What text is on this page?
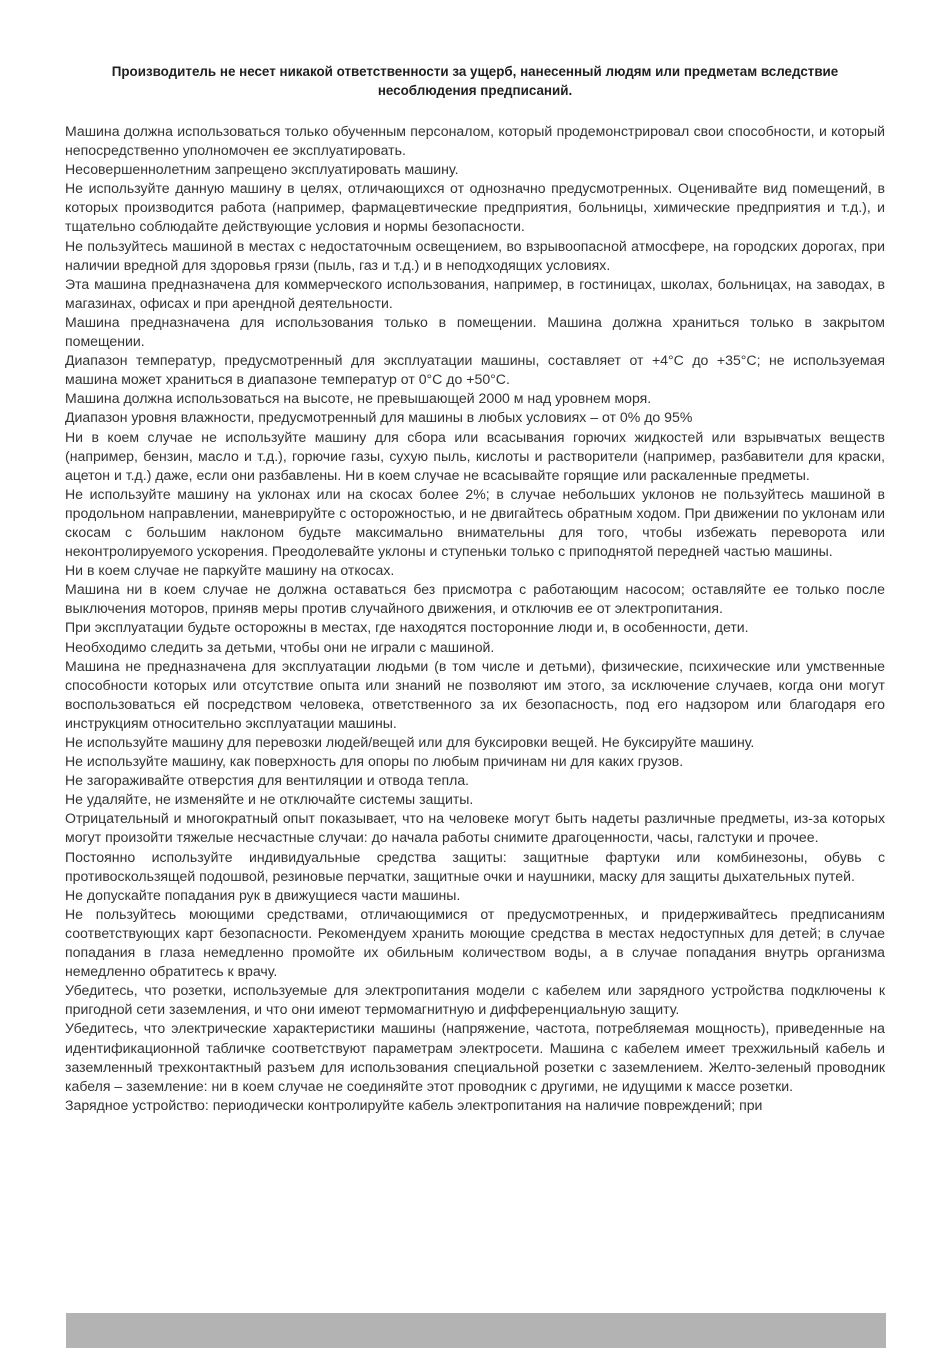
Производитель не несет никакой ответственности за ущерб, нанесенный людям или предметам вследствие несоблюдения предписаний.

Машина должна использоваться только обученным персоналом, который продемонстрировал свои способности, и который непосредственно уполномочен ее эксплуатировать.

Несовершеннолетним запрещено эксплуатировать машину.

Не используйте данную машину в целях, отличающихся от однозначно предусмотренных. Оценивайте вид помещений, в которых производится работа (например, фармацевтические предприятия, больницы, химические предприятия и т.д.), и тщательно соблюдайте действующие условия и нормы безопасности.

Не пользуйтесь машиной в местах с недостаточным освещением, во взрывоопасной атмосфере, на городских дорогах, при наличии вредной для здоровья грязи (пыль, газ и т.д.) и в неподходящих условиях.

Эта машина предназначена для коммерческого использования, например, в гостиницах, школах, больницах, на заводах, в магазинах, офисах и при арендной деятельности.

Машина предназначена для использования только в помещении. Машина должна храниться только в закрытом помещении.

Диапазон температур, предусмотренный для эксплуатации машины, составляет от +4°C до +35°C; не используемая машина может храниться в диапазоне температур от 0°C до +50°C.

Машина должна использоваться на высоте, не превышающей 2000 м над уровнем моря.

Диапазон уровня влажности, предусмотренный для машины в любых условиях – от 0% до 95%

Ни в коем случае не используйте машину для сбора или всасывания горючих жидкостей или взрывчатых веществ (например, бензин, масло и т.д.), горючие газы, сухую пыль, кислоты и растворители (например, разбавители для краски, ацетон и т.д.) даже, если они разбавлены. Ни в коем случае не всасывайте горящие или раскаленные предметы.

Не используйте машину на уклонах или на скосах более 2%; в случае небольших уклонов не пользуйтесь машиной в продольном направлении, маневрируйте с осторожностью, и не двигайтесь обратным ходом. При движении по уклонам или скосам с большим наклоном будьте максимально внимательны для того, чтобы избежать переворота или неконтролируемого ускорения. Преодолевайте уклоны и ступеньки только с приподнятой передней частью машины.

Ни в коем случае не паркуйте машину на откосах.

Машина ни в коем случае не должна оставаться без присмотра с работающим насосом; оставляйте ее только после выключения моторов, приняв меры против случайного движения, и отключив ее от электропитания.

При эксплуатации будьте осторожны в местах, где находятся посторонние люди и, в особенности, дети.

Необходимо следить за детьми, чтобы они не играли с машиной.

Машина не предназначена для эксплуатации людьми (в том числе и детьми), физические, психические или умственные способности которых или отсутствие опыта или знаний не позволяют им этого, за исключение случаев, когда они могут воспользоваться ей посредством человека, ответственного за их безопасность, под его надзором или благодаря его инструкциям относительно эксплуатации машины.

Не используйте машину для перевозки людей/вещей или для буксировки вещей. Не буксируйте машину.

Не используйте машину, как поверхность для опоры по любым причинам ни для каких грузов.

Не загораживайте отверстия для вентиляции и отвода тепла.

Не удаляйте, не изменяйте и не отключайте системы защиты.

Отрицательный и многократный опыт показывает, что на человеке могут быть надеты различные предметы, из-за которых могут произойти тяжелые несчастные случаи: до начала работы снимите драгоценности, часы, галстуки и прочее.

Постоянно используйте индивидуальные средства защиты: защитные фартуки или комбинезоны, обувь с противоскользящей подошвой, резиновые перчатки, защитные очки и наушники, маску для защиты дыхательных путей.

Не допускайте попадания рук в движущиеся части машины.

Не пользуйтесь моющими средствами, отличающимися от предусмотренных, и придерживайтесь предписаниям соответствующих карт безопасности. Рекомендуем хранить моющие средства в местах недоступных для детей; в случае попадания в глаза немедленно промойте их обильным количеством воды, а в случае попадания внутрь организма немедленно обратитесь к врачу.

Убедитесь, что розетки, используемые для электропитания модели с кабелем или зарядного устройства подключены к пригодной сети заземления, и что они имеют термомагнитную и дифференциальную защиту.

Убедитесь, что электрические характеристики машины (напряжение, частота, потребляемая мощность), приведенные на идентификационной табличке соответствуют параметрам электросети. Машина с кабелем имеет трехжильный кабель и заземленный трехконтактный разъем для использования специальной розетки с заземлением. Желто-зеленый проводник кабеля – заземление: ни в коем случае не соединяйте этот проводник с другими, не идущими к массе розетки.

Зарядное устройство: периодически контролируйте кабель электропитания на наличие повреждений; при
